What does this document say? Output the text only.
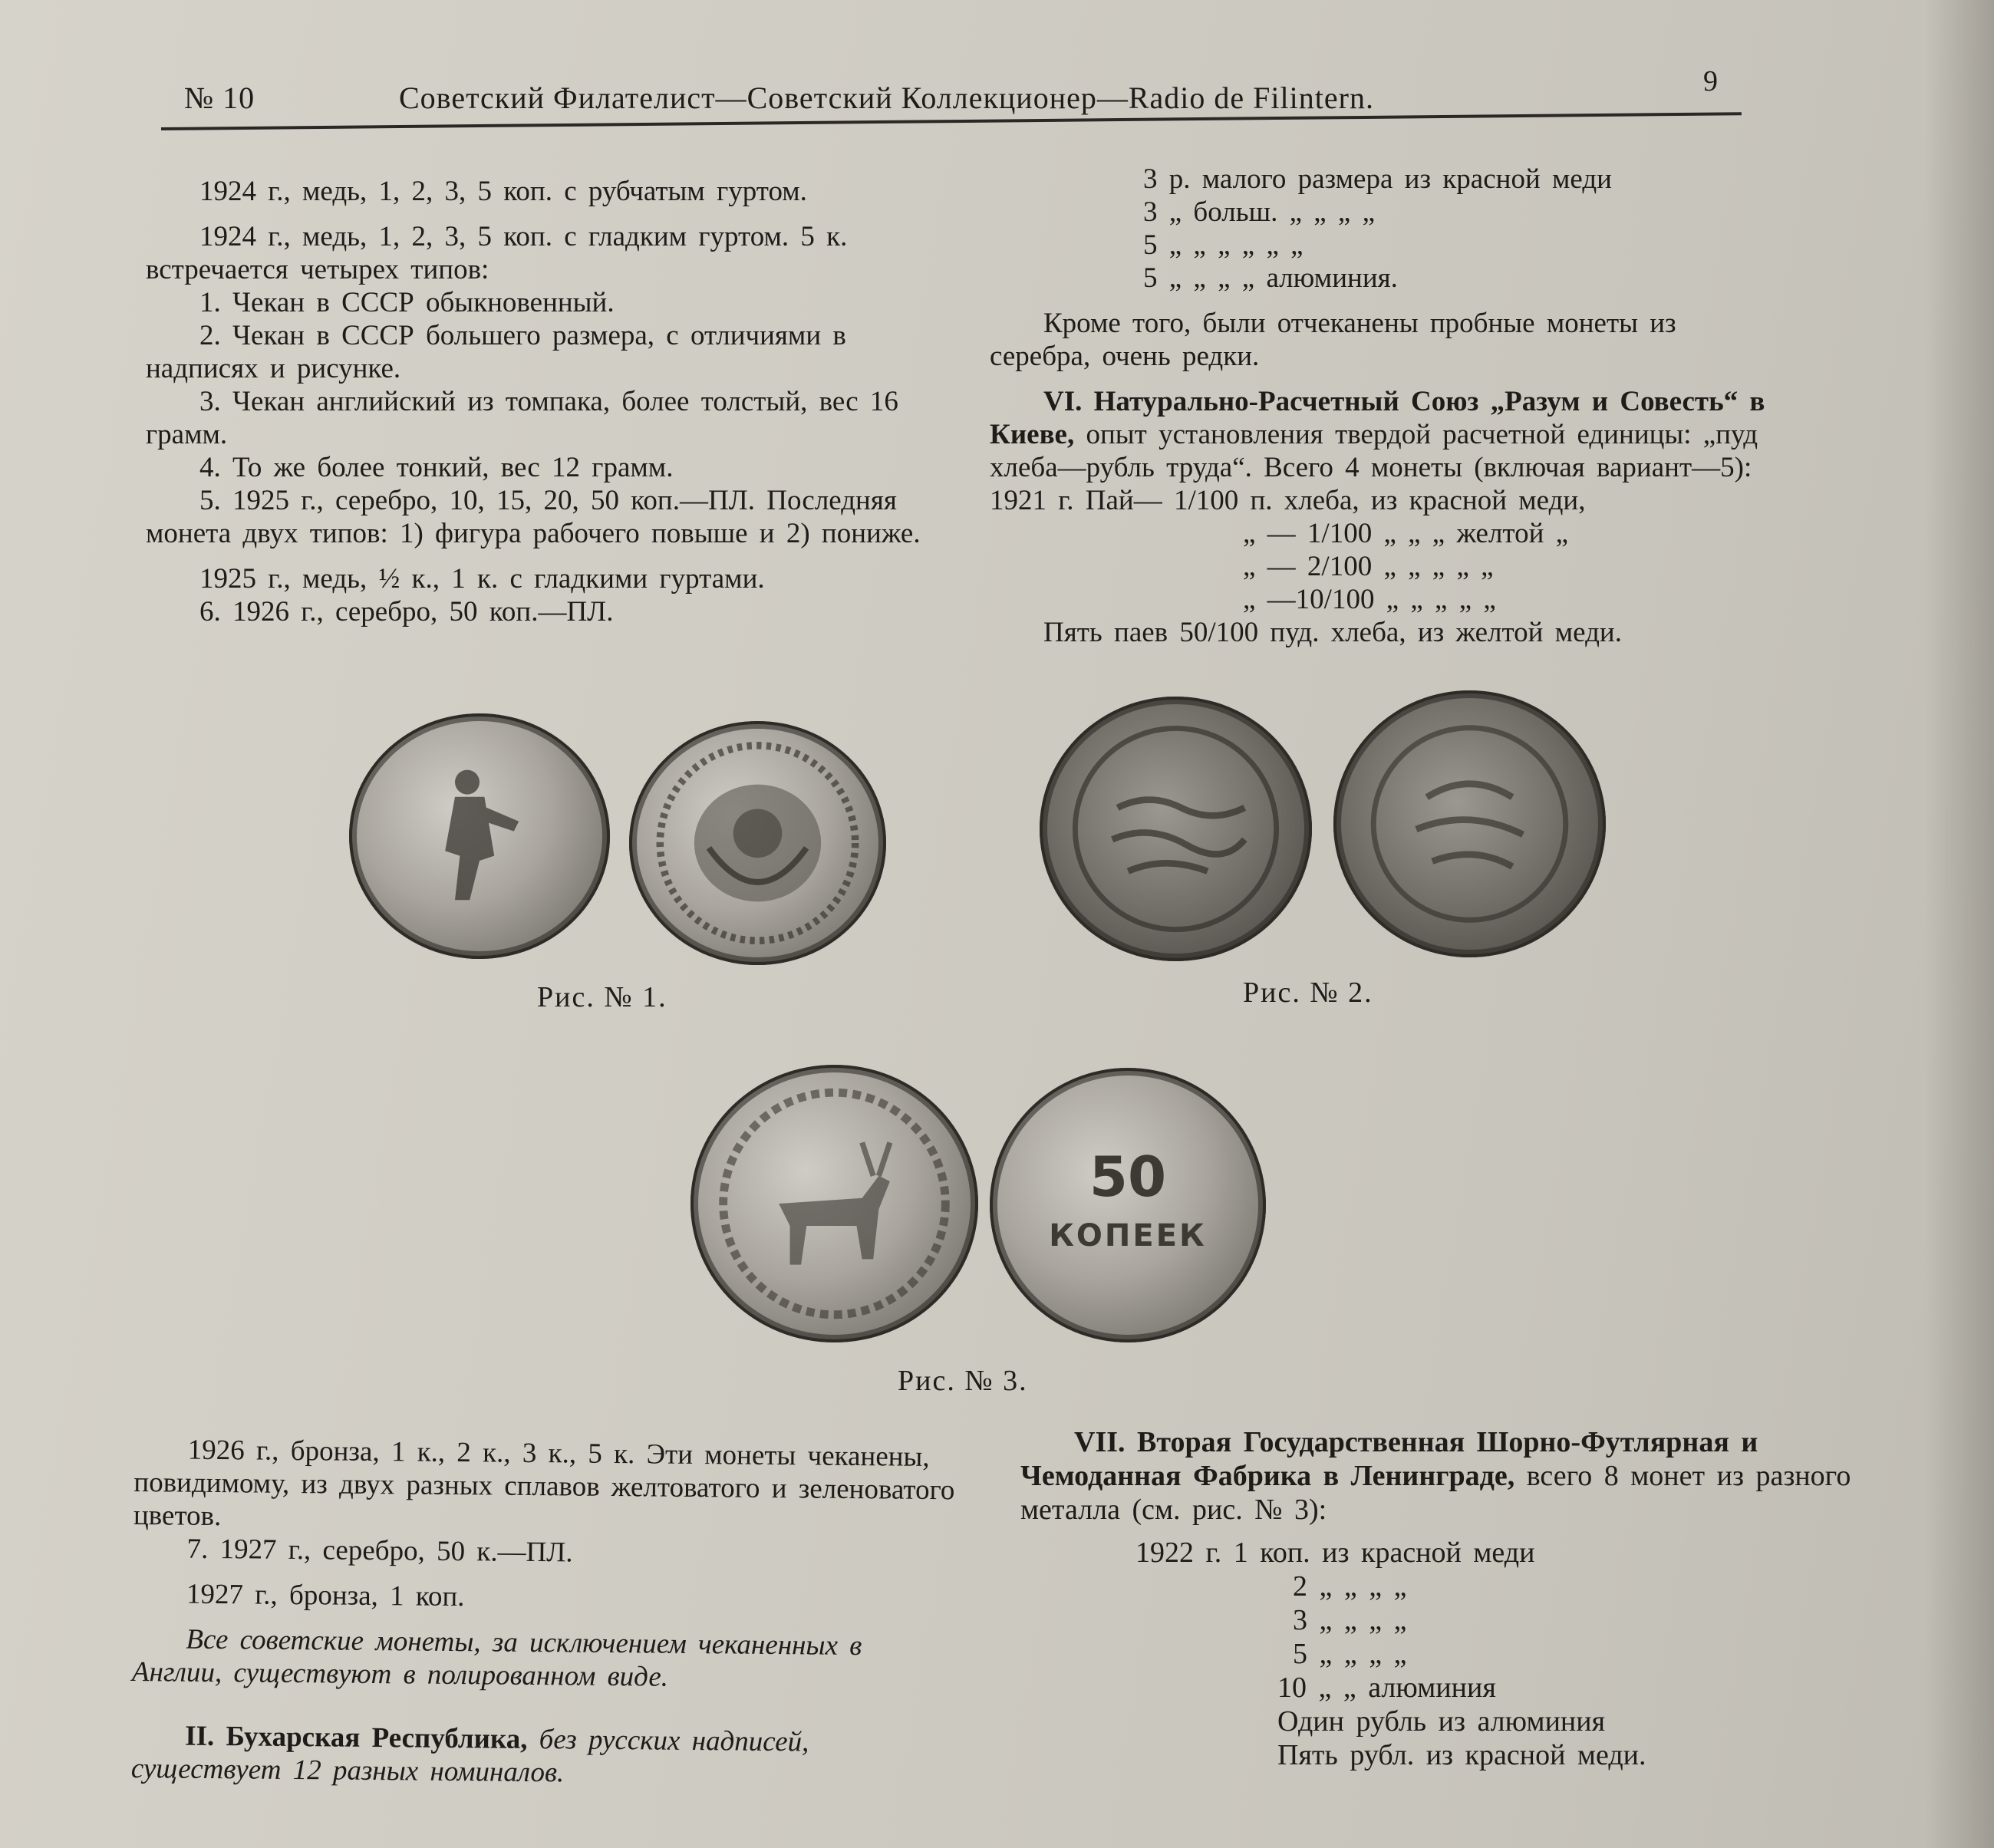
№ 10	Советский Филателист—Советский Коллекционер—Radio de Filintern.	9

1924 г., медь, 1, 2, 3, 5 коп. с рубчатым гуртом.

1924 г., медь, 1, 2, 3, 5 коп. с гладким гуртом. 5 к. встречается четырех типов:

1. Чекан в СССР обыкновенный.

2. Чекан в СССР большего размера, с отличиями в надписях и рисунке.

3. Чекан английский из томпака, более толстый, вес 16 грамм.

4. То же более тонкий, вес 12 грамм.

5. 1925 г., серебро, 10, 15, 20, 50 коп.—ПЛ. Последняя монета двух типов: 1) фигура рабочего повыше и 2) пониже.

1925 г., медь, ½ к., 1 к. с гладкими гуртами.

6. 1926 г., серебро, 50 коп.—ПЛ.

3 р. малого размера из красной меди

3 „ больш. „ „ „ „

5 „ „ „ „ „ „

5 „ „ „ „ алюминия.

Кроме того, были отчеканены пробные монеты из серебра, очень редки.

VI. Натурально-Расчетный Союз „Разум и Совесть“ в Киеве, опыт установления твердой расчетной единицы: „пуд хлеба—рубль труда“. Всего 4 монеты (включая вариант—5):

1921 г. Пай— 1/100 п. хлеба, из красной меди,

„ — 1/100 „ „ „ желтой „

„ — 2/100 „ „ „ „ „

„ —10/100 „ „ „ „ „

Пять паев 50/100 пуд. хлеба, из желтой меди.

Рис. № 1.	Рис. № 2.
50
КОПЕЕК
Рис. № 3.

1926 г., бронза, 1 к., 2 к., 3 к., 5 к. Эти монеты чеканены, повидимому, из двух разных сплавов желтоватого и зеленоватого цветов.

7. 1927 г., серебро, 50 к.—ПЛ.

1927 г., бронза, 1 коп.

Все советские монеты, за исключением чеканенных в Англии, существуют в полированном виде.

II. Бухарская Республика, без русских надписей, существует 12 разных номиналов.

VII. Вторая Государственная Шорно-Футлярная и Чемоданная Фабрика в Ленинграде, всего 8 монет из разного металла (см. рис. № 3):

1922 г. 1 коп. из красной меди

2 „ „ „ „

3 „ „ „ „

5 „ „ „ „

10 „ „ алюминия

Один рубль из алюминия

Пять рубл. из красной меди.
